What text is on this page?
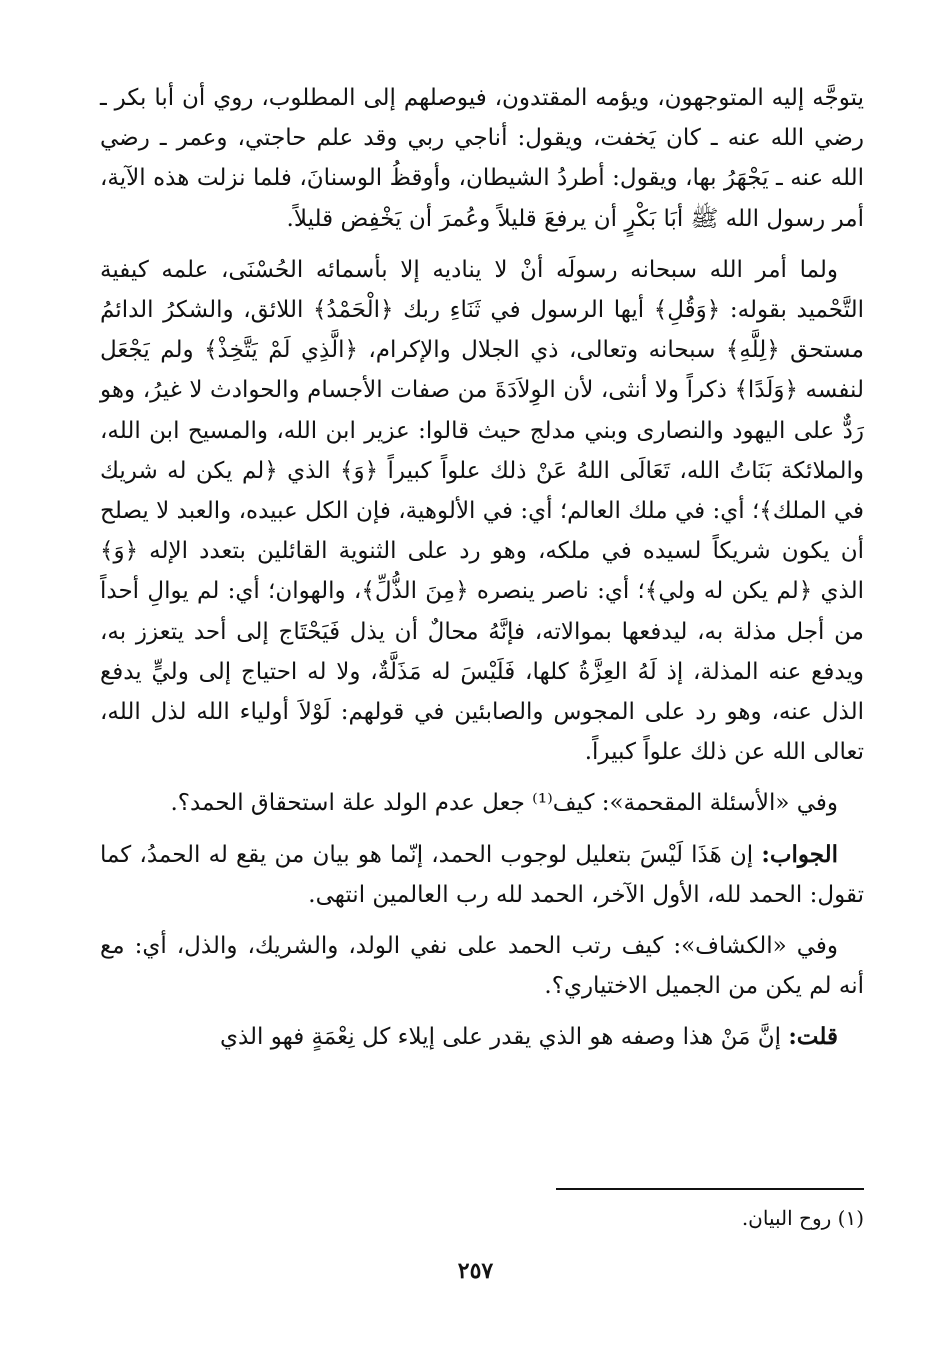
يتوجَّه إليه المتوجهون، ويؤمه المقتدون، فيوصلهم إلى المطلوب، روي أن أبا بكر ـ رضي الله عنه ـ كان يَخفت، ويقول: أناجي ربي وقد علم حاجتي، وعمر ـ رضي الله عنه ـ يَجْهَرُ بها، ويقول: أطردُ الشيطان، وأوقظُ الوسنانَ، فلما نزلت هذه الآية، أمر رسول الله ﷺ أبَا بَكْرٍ أن يرفعَ قليلاً وعُمرَ أن يَخْفِض قليلاً.

ولما أمر الله سبحانه رسولَه أنْ لا يناديه إلا بأسمائه الحُسْنَى، علمه كيفية التَّحْميد بقوله: ﴿وَقُلِ﴾ أيها الرسول في ثَنَاءِ ربك ﴿الْحَمْدُ﴾ اللائق، والشكرُ الدائمُ مستحق ﴿لِلَّهِ﴾ سبحانه وتعالى، ذي الجلال والإكرام، ﴿الَّذِي لَمْ يَتَّخِذْ﴾ ولم يَجْعَل لنفسه ﴿وَلَدًا﴾ ذكراً ولا أنثى، لأن الوِلاَدَةَ من صفات الأجسام والحوادث لا غيرُ، وهو رَدٌّ على اليهود والنصارى وبني مدلج حيث قالوا: عزير ابن الله، والمسيح ابن الله، والملائكة بَنَاتُ الله، تَعَالَى اللهُ عَنْ ذلك علواً كبيراً ﴿وَ﴾ الذي ﴿لم يكن له شريك في الملك﴾؛ أي: في ملك العالم؛ أي: في الألوهية، فإن الكل عبيده، والعبد لا يصلح أن يكون شريكاً لسيده في ملكه، وهو رد على الثنوية القائلين بتعدد الإله ﴿وَ﴾ الذي ﴿لم يكن له ولي﴾؛ أي: ناصر ينصره ﴿مِنَ الذُّلِّ﴾، والهوان؛ أي: لم يوالِ أحداً من أجل مذلة به، ليدفعها بموالاته، فإنَّهُ محالٌ أن يذل فَيَحْتَاج إلى أحد يتعزز به، ويدفع عنه المذلة، إذ لَهُ العِزَّةُ كلها، فَلَيْسَ له مَذَلَّةٌ، ولا له احتياج إلى وليٍّ يدفع الذل عنه، وهو رد على المجوس والصابئين في قولهم: لَوْلاَ أولياء الله لذل الله، تعالى الله عن ذلك علواً كبيراً.

وفي «الأسئلة المقحمة»: كيف⁽¹⁾ جعل عدم الولد علة استحقاق الحمد؟.

الجواب: إن هَذَا لَيْسَ بتعليل لوجوب الحمد، إنّما هو بيان من يقع له الحمدُ، كما تقول: الحمد لله، الأول الآخر، الحمد لله رب العالمين انتهى.

وفي «الكشاف»: كيف رتب الحمد على نفي الولد، والشريك، والذل، أي: مع أنه لم يكن من الجميل الاختياري؟.

قلت: إنَّ مَنْ هذا وصفه هو الذي يقدر على إيلاء كل نِعْمَةٍ فهو الذي

(١) روح البيان.
٢٥٧
